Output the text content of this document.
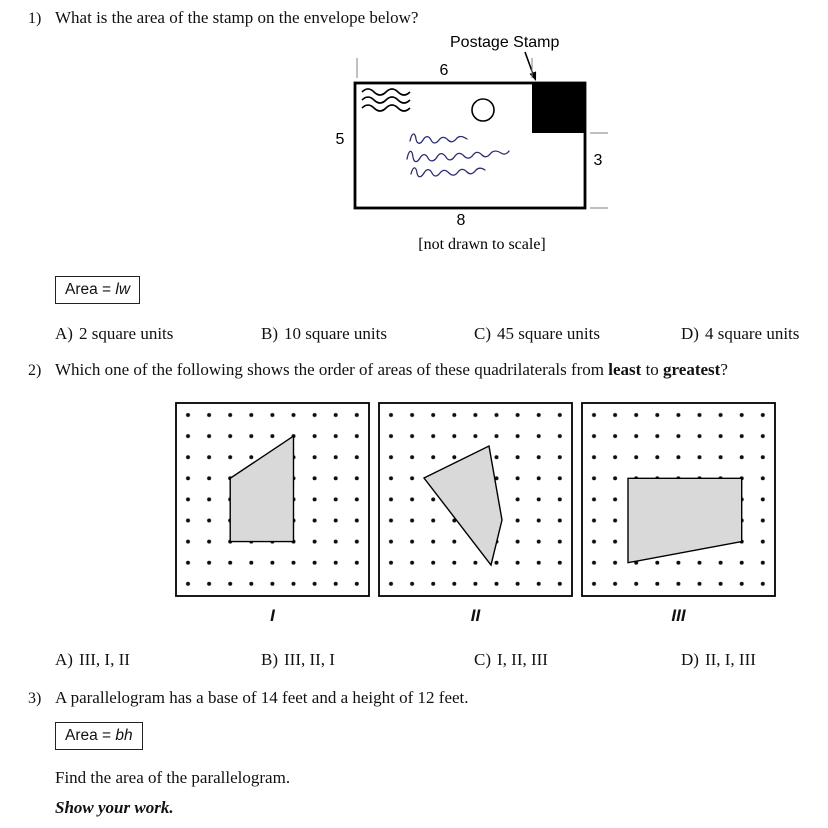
1) What is the area of the stamp on the envelope below?
Postage Stamp
6
5
3
8
[not drawn to scale]
Area = lw
A) 2 square units	B) 10 square units	C) 45 square units	D) 4 square units
2) Which one of the following shows the order of areas of these quadrilaterals from least to greatest?
I	II	III
A) III, I, II	B) III, II, I	C) I, II, III	D) II, I, III
3) A parallelogram has a base of 14 feet and a height of 12 feet.
Area = bh
Find the area of the parallelogram.
Show your work.
